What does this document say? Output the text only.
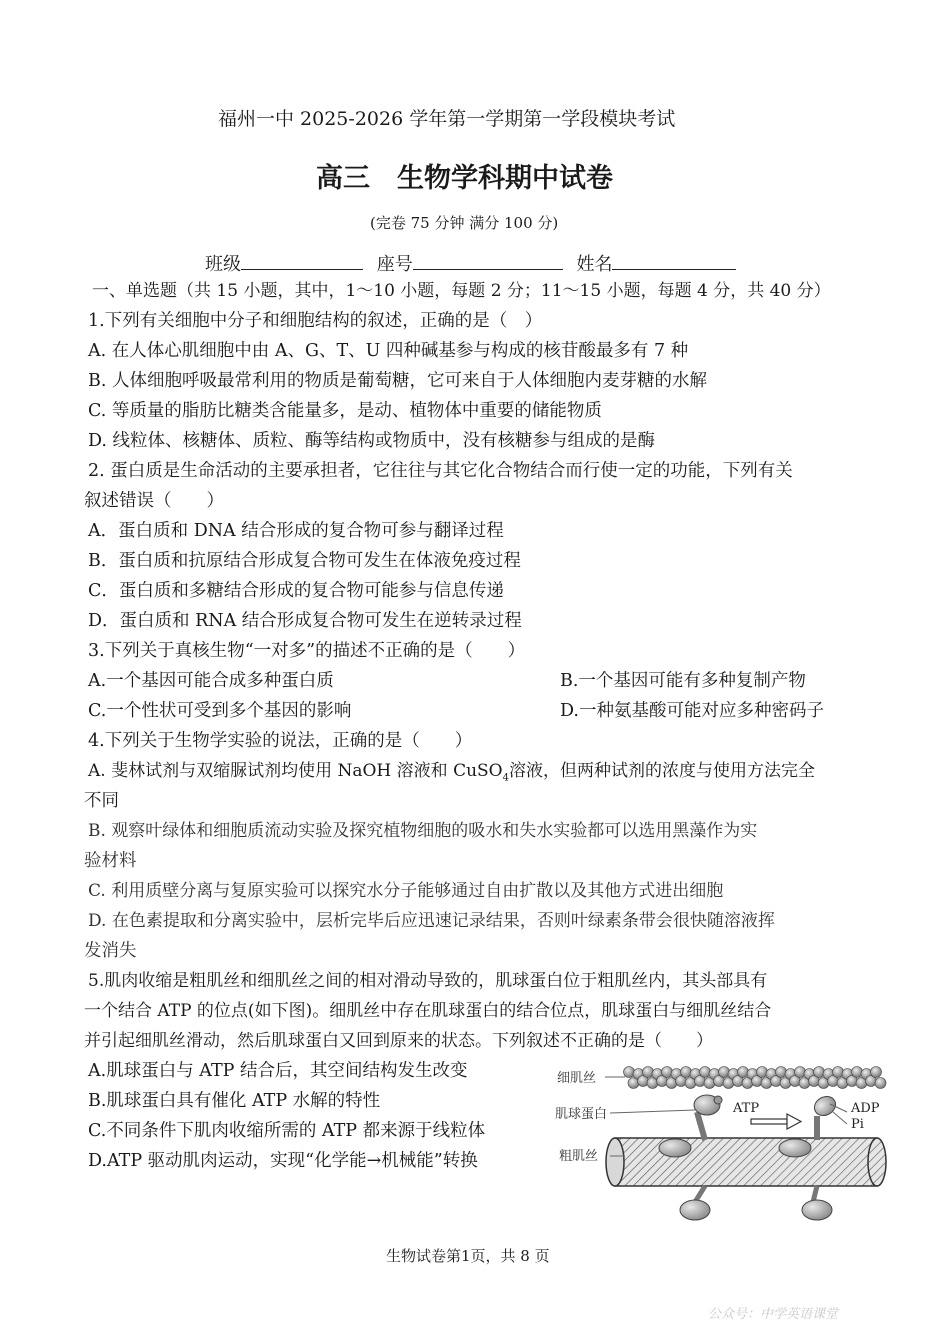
福州一中 2025-2026 学年第一学期第一学段模块考试
高三　生物学科期中试卷
(完卷 75 分钟 满分 100 分)
班级	座号	姓名
一、单选题（共 15 小题，其中，1～10 小题，每题 2 分；11～15 小题，每题 4 分，共 40 分）
1.下列有关细胞中分子和细胞结构的叙述，正确的是（　）
A. 在人体心肌细胞中由 A、G、T、U 四种碱基参与构成的核苷酸最多有 7 种
B. 人体细胞呼吸最常利用的物质是葡萄糖，它可来自于人体细胞内麦芽糖的水解
C. 等质量的脂肪比糖类含能量多，是动、植物体中重要的储能物质
D. 线粒体、核糖体、质粒、酶等结构或物质中，没有核糖参与组成的是酶
2. 蛋白质是生命活动的主要承担者，它往往与其它化合物结合而行使一定的功能，下列有关
叙述错误（　　）
A．蛋白质和 DNA 结合形成的复合物可参与翻译过程
B．蛋白质和抗原结合形成复合物可发生在体液免疫过程
C．蛋白质和多糖结合形成的复合物可能参与信息传递
D．蛋白质和 RNA 结合形成复合物可发生在逆转录过程
3.下列关于真核生物“一对多”的描述不正确的是（　　）
A.一个基因可能合成多种蛋白质	B.一个基因可能有多种复制产物
C.一个性状可受到多个基因的影响	D.一种氨基酸可能对应多种密码子
4.下列关于生物学实验的说法，正确的是（　　）
A. 斐林试剂与双缩脲试剂均使用 NaOH 溶液和 CuSO$_4$溶液，但两种试剂的浓度与使用方法完全
不同
B. 观察叶绿体和细胞质流动实验及探究植物细胞的吸水和失水实验都可以选用黑藻作为实
验材料
C. 利用质壁分离与复原实验可以探究水分子能够通过自由扩散以及其他方式进出细胞
D. 在色素提取和分离实验中，层析完毕后应迅速记录结果，否则叶绿素条带会很快随溶液挥
发消失
5.肌肉收缩是粗肌丝和细肌丝之间的相对滑动导致的，肌球蛋白位于粗肌丝内，其头部具有
一个结合 ATP 的位点(如下图)。细肌丝中存在肌球蛋白的结合位点，肌球蛋白与细肌丝结合
并引起细肌丝滑动，然后肌球蛋白又回到原来的状态。下列叙述不正确的是（　　）
A.肌球蛋白与 ATP 结合后，其空间结构发生改变
B.肌球蛋白具有催化 ATP 水解的特性
C.不同条件下肌肉收缩所需的 ATP 都来源于线粒体
D.ATP 驱动肌肉运动，实现“化学能→机械能”转换
细肌丝
肌球蛋白
粗肌丝
ATP	ADP
Pi
生物试卷第1页，共 8 页
公众号：中学英语课堂
